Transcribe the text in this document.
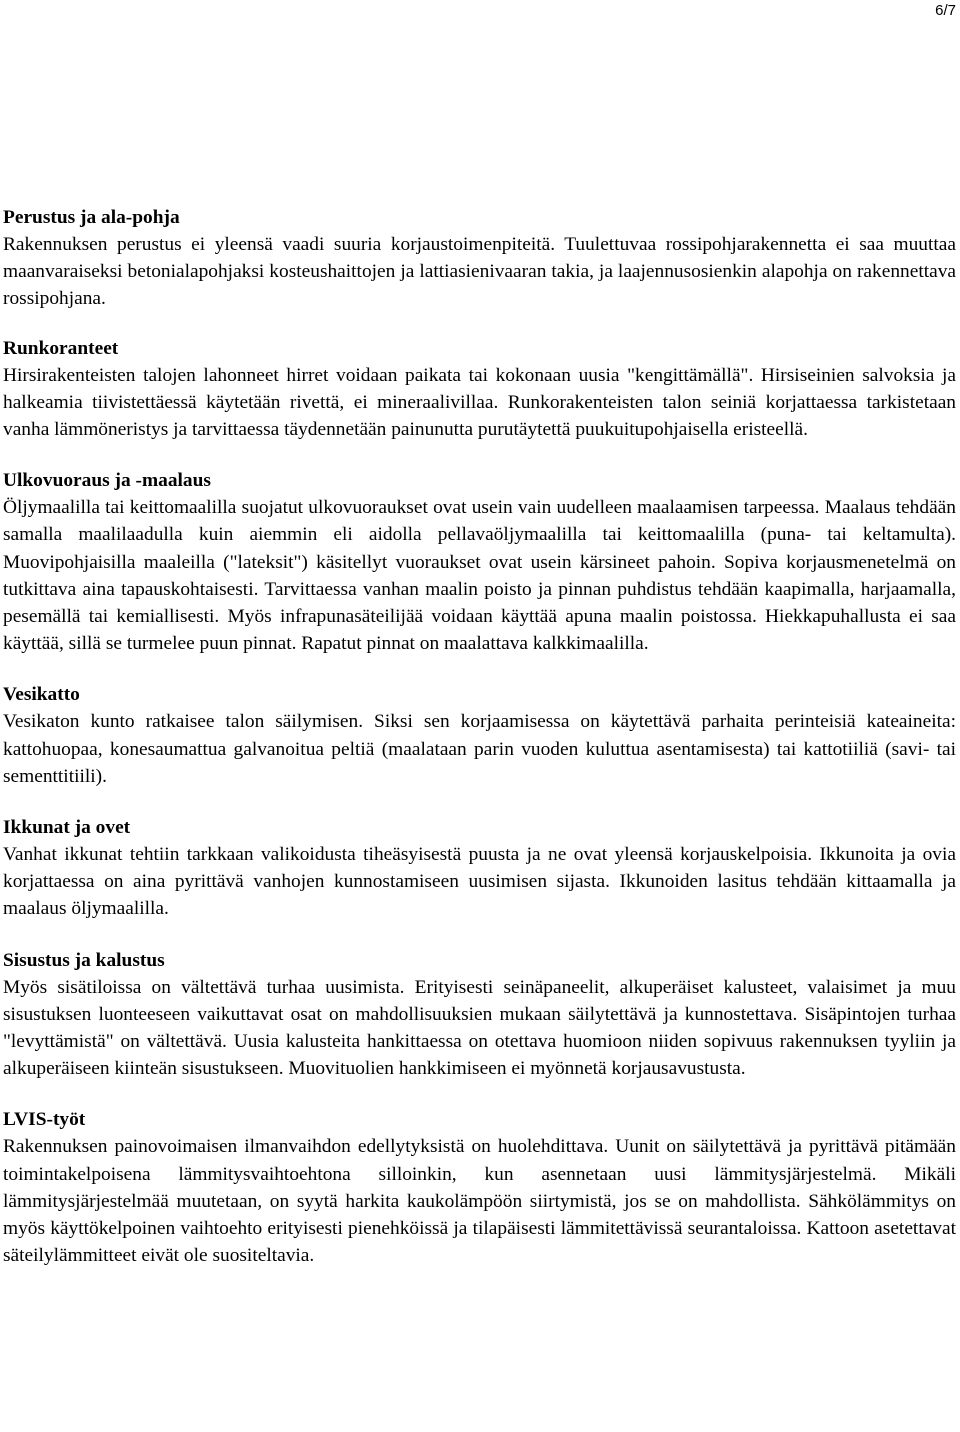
6/7
Perustus ja ala-pohja

Rakennuksen perustus ei yleensä vaadi suuria korjaustoimenpiteitä. Tuulettuvaa rossipohjarakennetta ei saa muuttaa maanvaraiseksi betonialapohjaksi kosteushaittojen ja lattiasienivaaran takia, ja laajennusosienkin alapohja on rakennettava rossipohjana.

Runkoranteet

Hirsirakenteisten talojen lahonneet hirret voidaan paikata tai kokonaan uusia "kengittämällä". Hirsiseinien salvoksia ja halkeamia tiivistettäessä käytetään rivettä, ei mineraalivillaa. Runkorakenteisten talon seiniä korjattaessa tarkistetaan vanha lämmöneristys ja tarvittaessa täydennetään painunutta purutäytettä puukuitupohjaisella eristeellä.

Ulkovuoraus ja -maalaus

Öljymaalilla tai keittomaalilla suojatut ulkovuoraukset ovat usein vain uudelleen maalaamisen tarpeessa. Maalaus tehdään samalla maalilaadulla kuin aiemmin eli aidolla pellavaöljymaalilla tai keittomaalilla (puna- tai keltamulta). Muovipohjaisilla maaleilla ("lateksit") käsitellyt vuoraukset ovat usein kärsineet pahoin. Sopiva korjausmenetelmä on tutkittava aina tapauskohtaisesti. Tarvittaessa vanhan maalin poisto ja pinnan puhdistus tehdään kaapimalla, harjaamalla, pesemällä tai kemiallisesti. Myös infrapunasäteilijää voidaan käyttää apuna maalin poistossa. Hiekkapuhallusta ei saa käyttää, sillä se turmelee puun pinnat. Rapatut pinnat on maalattava kalkkimaalilla.

Vesikatto

Vesikaton kunto ratkaisee talon säilymisen. Siksi sen korjaamisessa on käytettävä parhaita perinteisiä kateaineita: kattohuopaa, konesaumattua galvanoitua peltiä (maalataan parin vuoden kuluttua asentamisesta) tai kattotiiliä (savi- tai sementtitiili).

Ikkunat ja ovet

Vanhat ikkunat tehtiin tarkkaan valikoidusta tiheäsyisestä puusta ja ne ovat yleensä korjauskelpoisia. Ikkunoita ja ovia korjattaessa on aina pyrittävä vanhojen kunnostamiseen uusimisen sijasta. Ikkunoiden lasitus tehdään kittaamalla ja maalaus öljymaalilla.

Sisustus ja kalustus

Myös sisätiloissa on vältettävä turhaa uusimista. Erityisesti seinäpaneelit, alkuperäiset kalusteet, valaisimet ja muu sisustuksen luonteeseen vaikuttavat osat on mahdollisuuksien mukaan säilytettävä ja kunnostettava. Sisäpintojen turhaa "levyttämistä" on vältettävä. Uusia kalusteita hankittaessa on otettava huomioon niiden sopivuus rakennuksen tyyliin ja alkuperäiseen kiinteän sisustukseen. Muovituolien hankkimiseen ei myönnetä korjausavustusta.

LVIS-työt

Rakennuksen painovoimaisen ilmanvaihdon edellytyksistä on huolehdittava. Uunit on säilytettävä ja pyrittävä pitämään toimintakelpoisena lämmitysvaihtoehtona silloinkin, kun asennetaan uusi lämmitysjärjestelmä. Mikäli lämmitysjärjestelmää muutetaan, on syytä harkita kaukolämpöön siirtymistä, jos se on mahdollista. Sähkölämmitys on myös käyttökelpoinen vaihtoehto erityisesti pienehköissä ja tilapäisesti lämmitettävissä seurantaloissa. Kattoon asetettavat säteilylämmitteet eivät ole suositeltavia.
